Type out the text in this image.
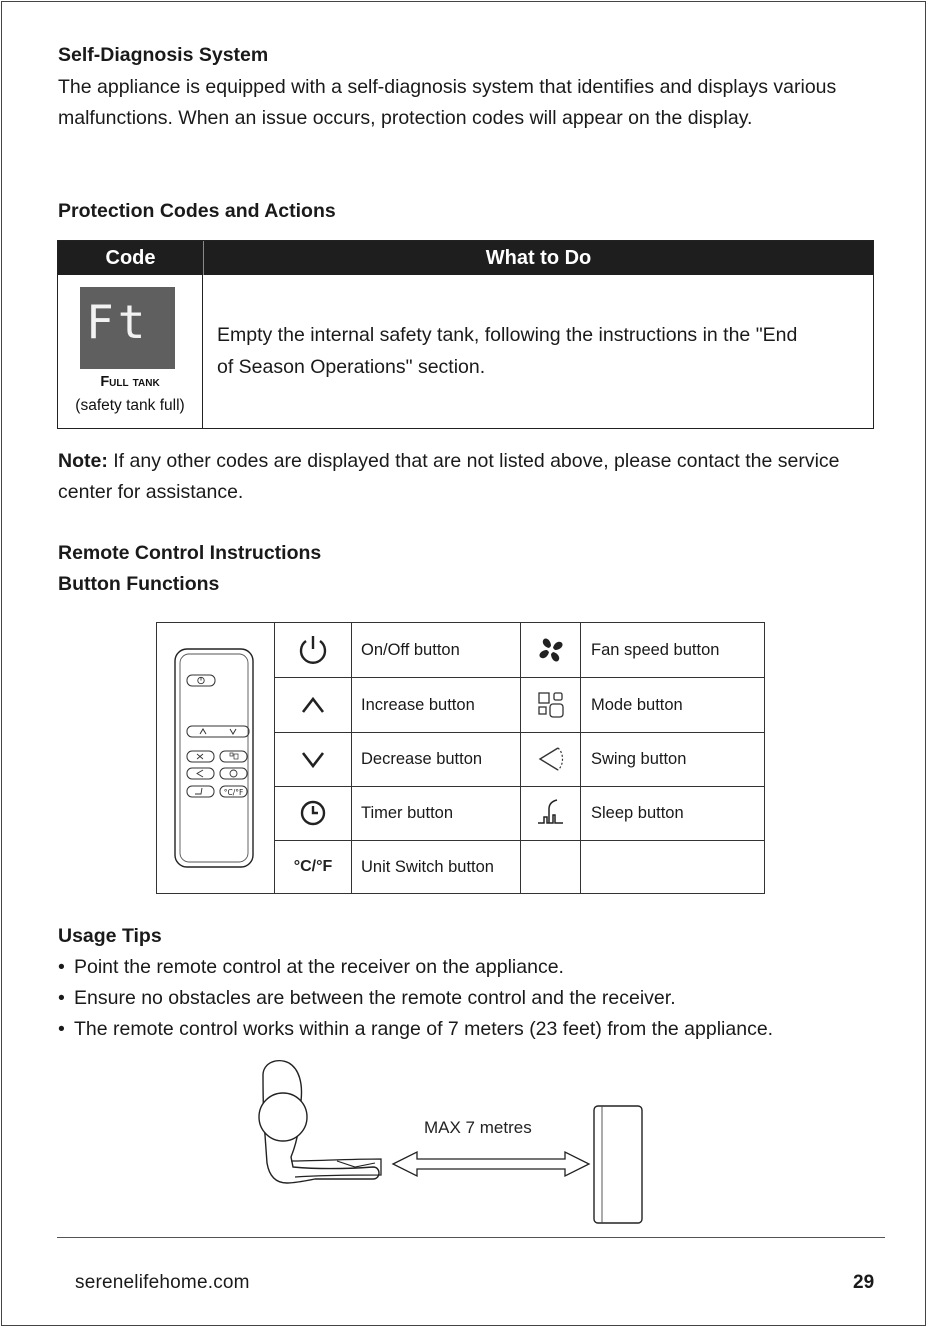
Self-Diagnosis System
The appliance is equipped with a self-diagnosis system that identifies and displays various malfunctions. When an issue occurs, protection codes will appear on the display.
Protection Codes and Actions
Code	What to Do
Ft
Full tank
(safety tank full)
Empty the internal safety tank, following the instructions in the "End of Season Operations" section.
Note: If any other codes are displayed that are not listed above, please contact the service center for assistance.
Remote Control Instructions
Button Functions
°C/°F
On/Off button	Fan speed button
Increase button	Mode button
Decrease button	Swing button
Timer button	Sleep button
°C/°F	Unit Switch button
Usage Tips
• Point the remote control at the receiver on the appliance.
• Ensure no obstacles are between the remote control and the receiver.
• The remote control works within a range of 7 meters (23 feet) from the appliance.
MAX 7 metres
serenelifehome.com	29
